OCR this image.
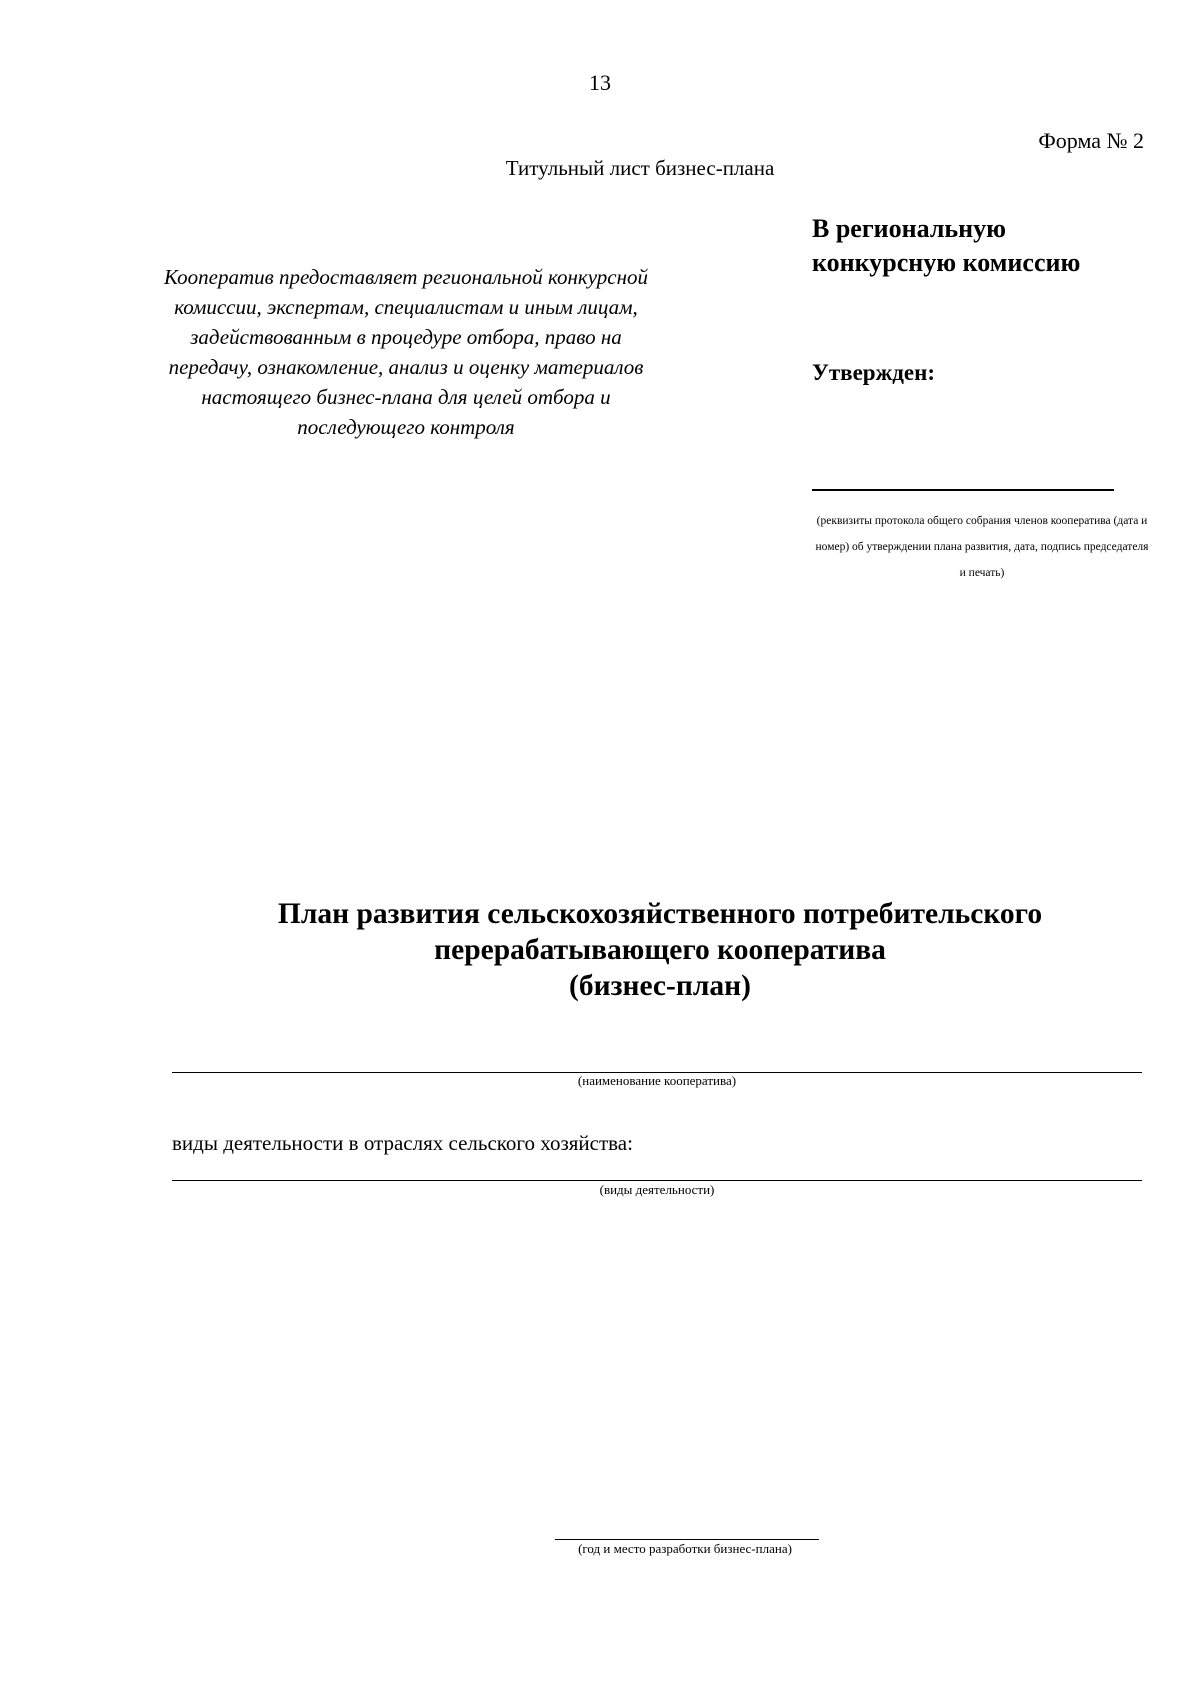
13
Форма № 2
Титульный лист бизнес-плана
Кооператив предоставляет региональной конкурсной комиссии, экспертам, специалистам и иным лицам, задействованным в процедуре отбора, право на передачу, ознакомление, анализ и оценку материалов настоящего бизнес-плана для целей отбора и последующего контроля
В региональную конкурсную комиссию
Утвержден:
(реквизиты протокола общего собрания членов кооператива (дата и номер) об утверждении плана развития, дата, подпись председателя и печать)
План развития сельскохозяйственного потребительского
перерабатывающего кооператива
(бизнес-план)
(наименование кооператива)
виды деятельности в отраслях сельского хозяйства:
(виды деятельности)
(год и место разработки бизнес-плана)
